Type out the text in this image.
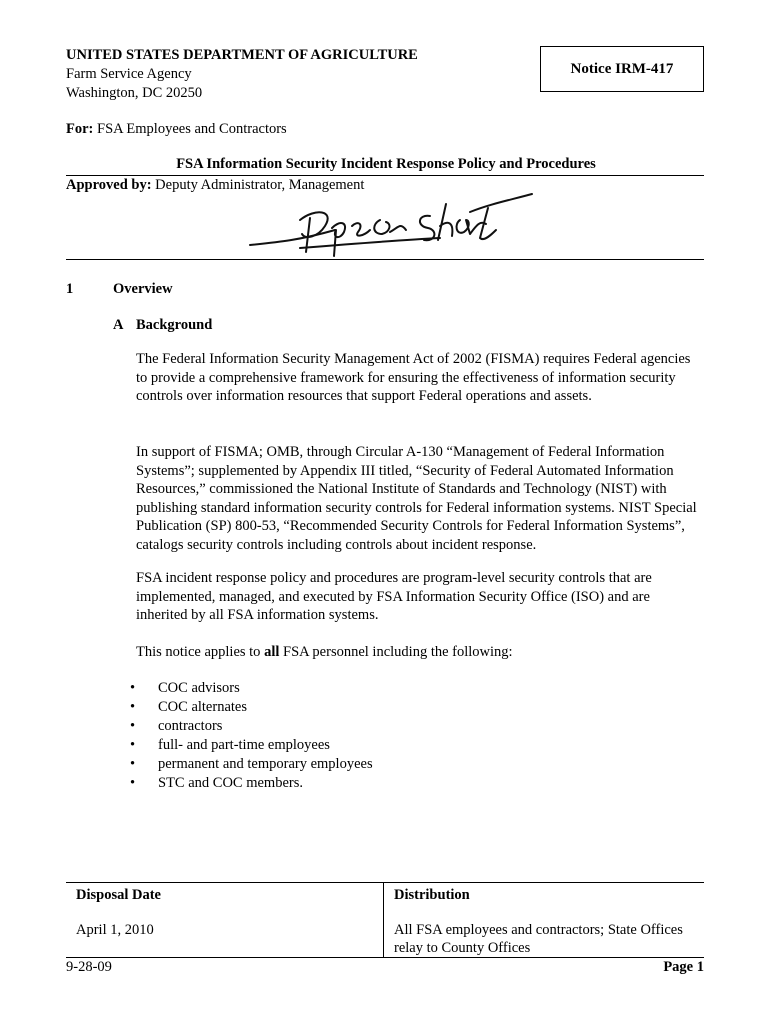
UNITED STATES DEPARTMENT OF AGRICULTURE
Farm Service Agency
Washington, DC 20250
Notice IRM-417
For: FSA Employees and Contractors
FSA Information Security Incident Response Policy and Procedures
Approved by: Deputy Administrator, Management
1	Overview
A Background
The Federal Information Security Management Act of 2002 (FISMA) requires Federal agencies to provide a comprehensive framework for ensuring the effectiveness of information security controls over information resources that support Federal operations and assets.
In support of FISMA; OMB, through Circular A-130 “Management of Federal Information Systems”; supplemented by Appendix III titled, “Security of Federal Automated Information Resources,” commissioned the National Institute of Standards and Technology (NIST) with publishing standard information security controls for Federal information systems. NIST Special Publication (SP) 800-53, “Recommended Security Controls for Federal Information Systems”, catalogs security controls including controls about incident response.
FSA incident response policy and procedures are program-level security controls that are implemented, managed, and executed by FSA Information Security Office (ISO) and are inherited by all FSA information systems.
This notice applies to all FSA personnel including the following:
• COC advisors
• COC alternates
• contractors
• full- and part-time employees
• permanent and temporary employees
• STC and COC members.
Disposal Date
April 1, 2010
Distribution
All FSA employees and contractors; State Offices relay to County Offices
9-28-09	Page 1
